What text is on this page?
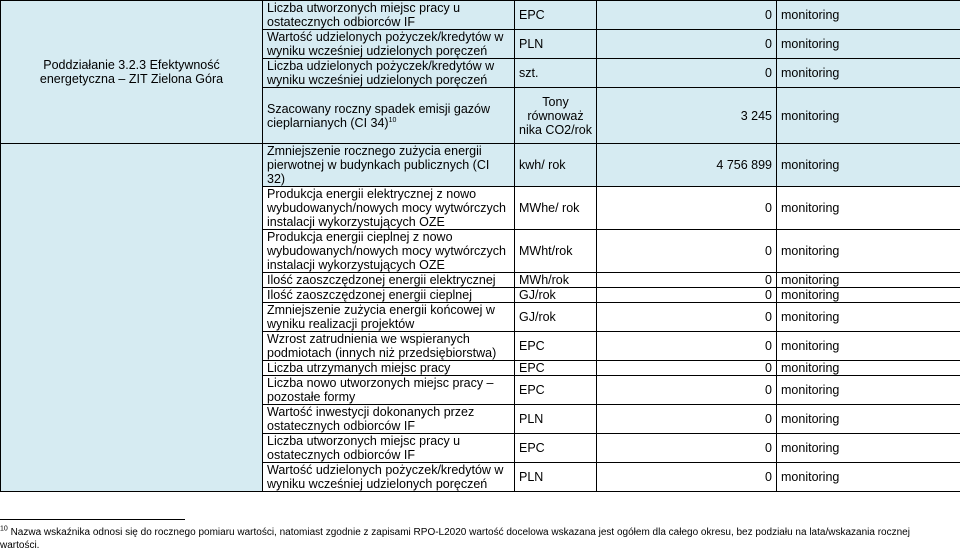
Poddziałanie 3.2.3 Efektywność energetyczna – ZIT Zielona Góra	Liczba utworzonych miejsc pracy u ostatecznych odbiorców IF	EPC	0	monitoring
	Wartość udzielonych pożyczek/kredytów w wyniku wcześniej udzielonych poręczeń	PLN	0	monitoring
	Liczba udzielonych pożyczek/kredytów w wyniku wcześniej udzielonych poręczeń	szt.	0	monitoring
	Szacowany roczny spadek emisji gazów cieplarnianych (CI 34)$^{10}$	Tony równoważ nika CO2/rok	3 245	monitoring
	Zmniejszenie rocznego zużycia energii pierwotnej w budynkach publicznych (CI 32)	kwh/ rok	4 756 899	monitoring
	Produkcja energii elektrycznej z nowo wybudowanych/nowych mocy wytwórczych instalacji wykorzystujących OZE	MWhe/ rok	0	monitoring
	Produkcja energii cieplnej z nowo wybudowanych/nowych mocy wytwórczych instalacji wykorzystujących OZE	MWht/rok	0	monitoring
	Ilość zaoszczędzonej energii elektrycznej	MWh/rok	0	monitoring
	Ilość zaoszczędzonej energii cieplnej	GJ/rok	0	monitoring
	Zmniejszenie zużycia energii końcowej w wyniku realizacji projektów	GJ/rok	0	monitoring
	Wzrost zatrudnienia we wspieranych podmiotach (innych niż przedsiębiorstwa)	EPC	0	monitoring
	Liczba utrzymanych miejsc pracy	EPC	0	monitoring
	Liczba nowo utworzonych miejsc pracy – pozostałe formy	EPC	0	monitoring
	Wartość inwestycji dokonanych przez ostatecznych odbiorców IF	PLN	0	monitoring
	Liczba utworzonych miejsc pracy u ostatecznych odbiorców IF	EPC	0	monitoring
	Wartość udzielonych pożyczek/kredytów w wyniku wcześniej udzielonych poręczeń	PLN	0	monitoring
$^{10}$ Nazwa wskaźnika odnosi się do rocznego pomiaru wartości, natomiast zgodnie z zapisami RPO-L2020 wartość docelowa wskazana jest ogółem dla całego okresu, bez podziału na lata/wskazania rocznej wartości.
